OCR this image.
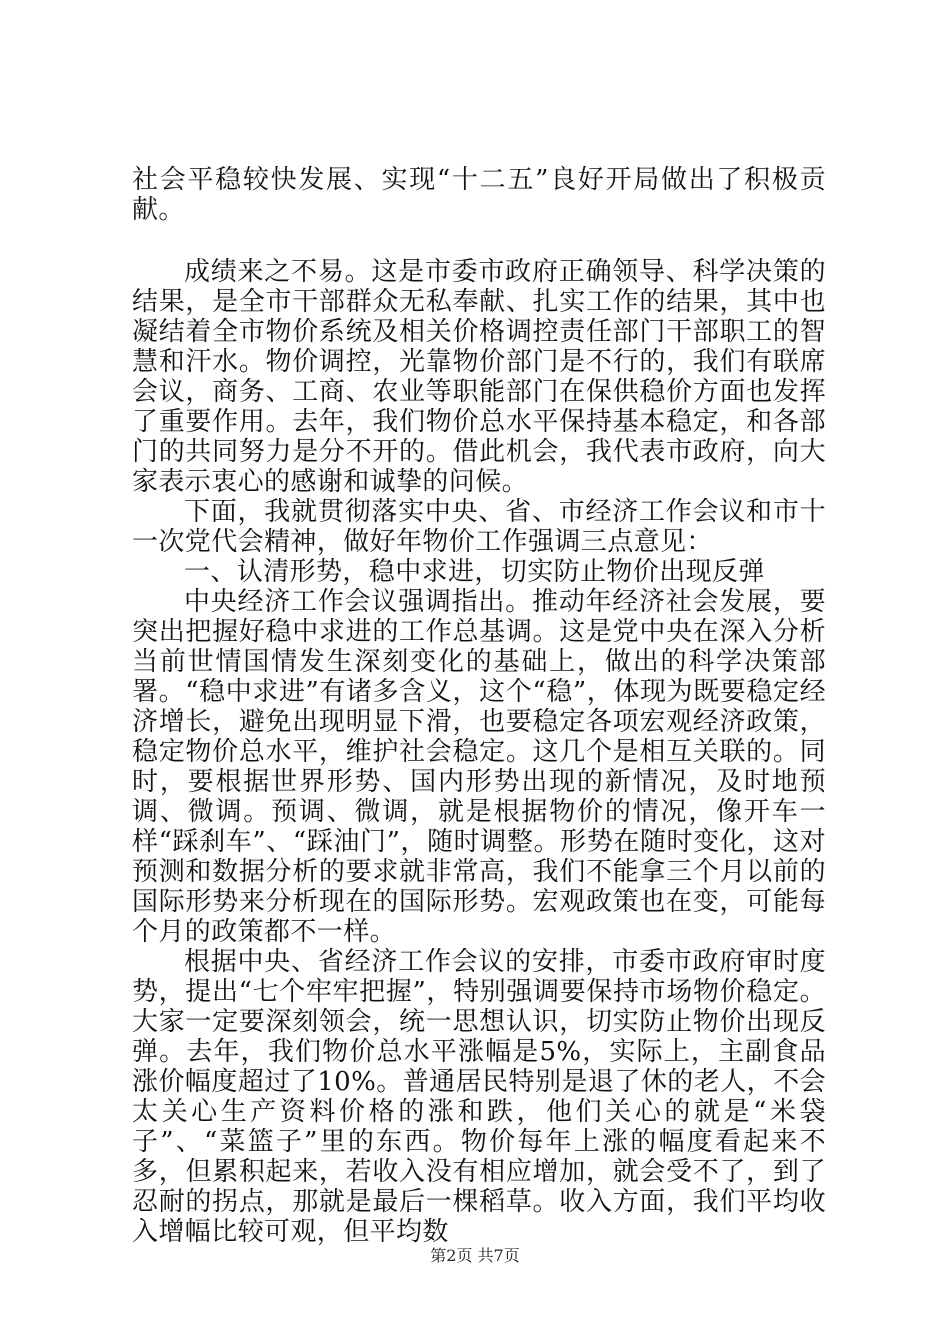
社会平稳较快发展、实现“十二五”良好开局做出了积极贡献。

成绩来之不易。这是市委市政府正确领导、科学决策的结果，是全市干部群众无私奉献、扎实工作的结果，其中也凝结着全市物价系统及相关价格调控责任部门干部职工的智慧和汗水。物价调控，光靠物价部门是不行的，我们有联席会议，商务、工商、农业等职能部门在保供稳价方面也发挥了重要作用。去年，我们物价总水平保持基本稳定，和各部门的共同努力是分不开的。借此机会，我代表市政府，向大家表示衷心的感谢和诚挚的问候。

下面，我就贯彻落实中央、省、市经济工作会议和市十一次党代会精神，做好年物价工作强调三点意见：

一、认清形势，稳中求进，切实防止物价出现反弹

中央经济工作会议强调指出。推动年经济社会发展，要突出把握好稳中求进的工作总基调。这是党中央在深入分析当前世情国情发生深刻变化的基础上，做出的科学决策部署。“稳中求进”有诸多含义，这个“稳”，体现为既要稳定经济增长，避免出现明显下滑，也要稳定各项宏观经济政策，稳定物价总水平，维护社会稳定。这几个是相互关联的。同时，要根据世界形势、国内形势出现的新情况，及时地预调、微调。预调、微调，就是根据物价的情况，像开车一样“踩刹车”、“踩油门”，随时调整。形势在随时变化，这对预测和数据分析的要求就非常高，我们不能拿三个月以前的国际形势来分析现在的国际形势。宏观政策也在变，可能每个月的政策都不一样。

根据中央、省经济工作会议的安排，市委市政府审时度势，提出“七个牢牢把握”，特别强调要保持市场物价稳定。大家一定要深刻领会，统一思想认识，切实防止物价出现反弹。去年，我们物价总水平涨幅是5%，实际上，主副食品涨价幅度超过了10%。普通居民特别是退了休的老人，不会太关心生产资料价格的涨和跌，他们关心的就是“米袋子”、“菜篮子”里的东西。物价每年上涨的幅度看起来不多，但累积起来，若收入没有相应增加，就会受不了，到了忍耐的拐点，那就是最后一棵稻草。收入方面，我们平均收入增幅比较可观，但平均数

第2页 共7页
